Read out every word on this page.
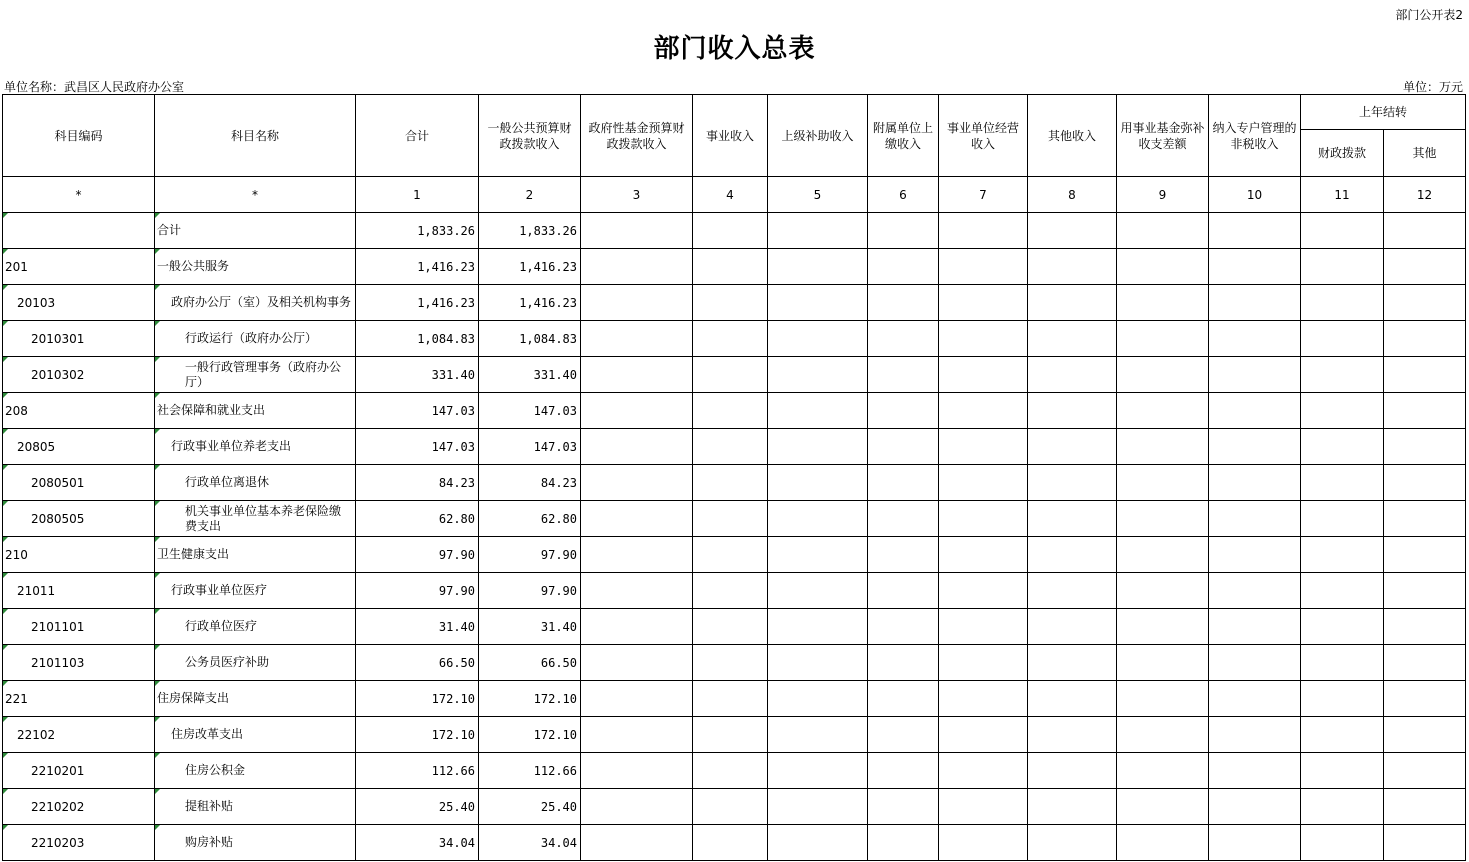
部门公开表2
部门收入总表
单位名称：武昌区人民政府办公室	单位：万元
科目编码	科目名称	合计	一般公共预算财政拨款收入	政府性基金预算财政拨款收入	事业收入	上级补助收入	附属单位上缴收入	事业单位经营收入	其他收入	用事业基金弥补收支差额	纳入专户管理的非税收入	上年结转	
												财政拨款	其他
*	*	1	2	3	4	5	6	7	8	9	10	11	12
	合计	1,833.26	1,833.26										
201	一般公共服务	1,416.23	1,416.23										
20103	政府办公厅（室）及相关机构事务	1,416.23	1,416.23										
2010301	行政运行（政府办公厅）	1,084.83	1,084.83										
2010302	一般行政管理事务（政府办公厅）	331.40	331.40										
208	社会保障和就业支出	147.03	147.03										
20805	行政事业单位养老支出	147.03	147.03										
2080501	行政单位离退休	84.23	84.23										
2080505	机关事业单位基本养老保险缴费支出	62.80	62.80										
210	卫生健康支出	97.90	97.90										
21011	行政事业单位医疗	97.90	97.90										
2101101	行政单位医疗	31.40	31.40										
2101103	公务员医疗补助	66.50	66.50										
221	住房保障支出	172.10	172.10										
22102	住房改革支出	172.10	172.10										
2210201	住房公积金	112.66	112.66										
2210202	提租补贴	25.40	25.40										
2210203	购房补贴	34.04	34.04										
